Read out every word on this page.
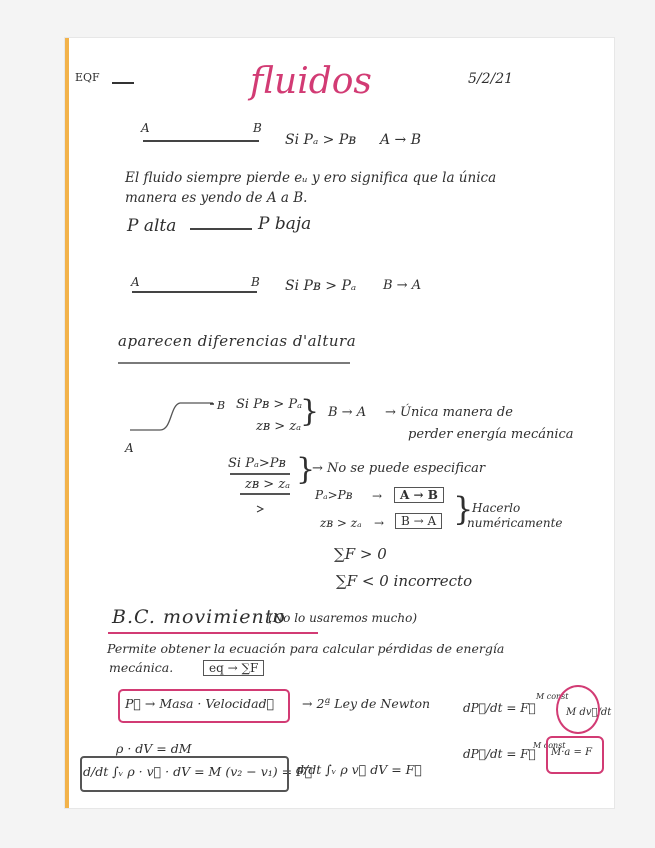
EQF	fluidos	5/2/21
A	B
Si Pₐ > Pʙ A → B
El fluido siempre pierde eᵤ y ero significa que la única
manera es yendo de A a B.
P alta	P baja
A	B Si Pʙ > Pₐ B → A
aparecen diferencias d'altura
A
B Si Pʙ > Pₐ
zʙ > zₐ
} B → A → Única manera de
perder energía mecánica
Si Pₐ>Pʙ
zʙ > zₐ }
→ No se puede especificar
Pₐ>Pʙ →	A → B
zʙ > zₐ →	B → A }
Hacerlo
numéricamente
∑F > 0
∑F < 0 incorrecto
B.C. movimiento
(No lo usaremos mucho)
Permite obtener la ecuación para calcular pérdidas de energía
mecánica.	eq → ∑F
P⃗ → Masa · Velocidad⃗ → 2ª Ley de Newton	dP⃗/dt = F⃗
M const
M dv⃗/dt
dP⃗/dt = F⃗
M const
M·a = F
ρ · dV = dM
d/dt ∫ᵥ ρ · v⃗ · dV = M (v₂ − v₁) = F⃗
d/dt ∫ᵥ ρ v⃗ dV = F⃗
